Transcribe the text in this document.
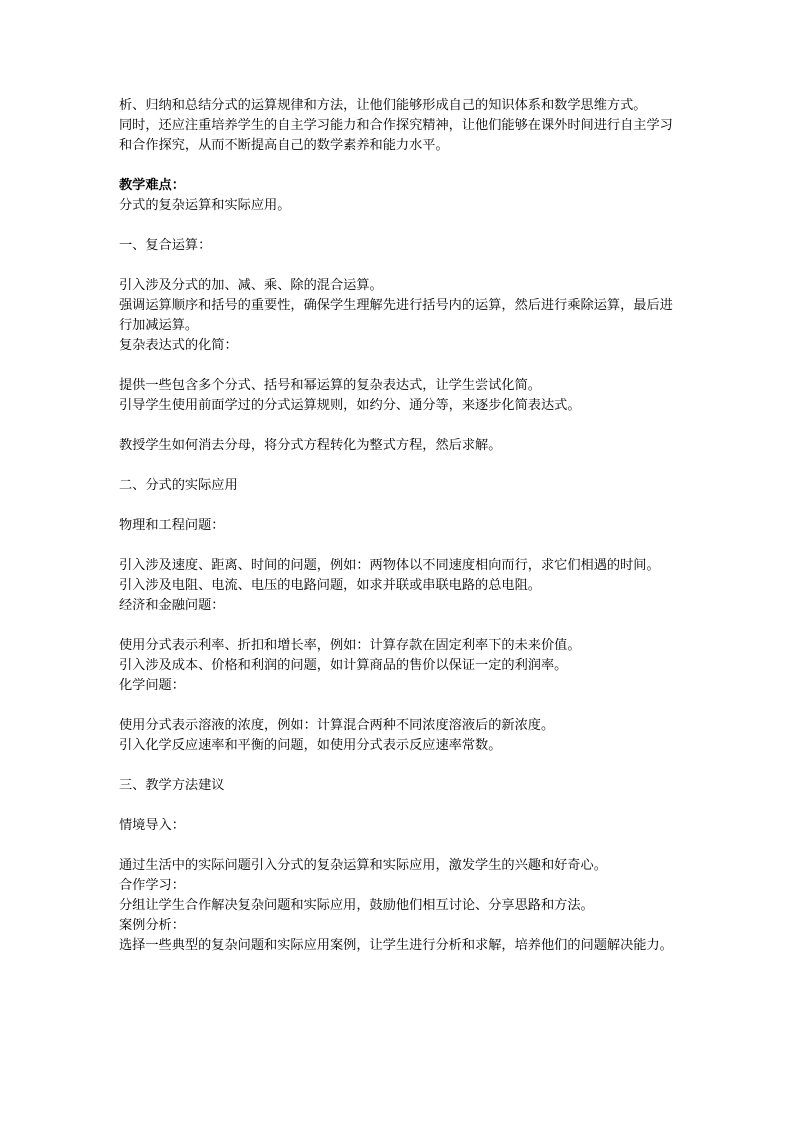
析、归纳和总结分式的运算规律和方法，让他们能够形成自己的知识体系和数学思维方式。
同时，还应注重培养学生的自主学习能力和合作探究精神，让他们能够在课外时间进行自主学习和合作探究，从而不断提高自己的数学素养和能力水平。
教学难点：
分式的复杂运算和实际应用。
一、复合运算：
引入涉及分式的加、减、乘、除的混合运算。
强调运算顺序和括号的重要性，确保学生理解先进行括号内的运算，然后进行乘除运算，最后进行加减运算。
复杂表达式的化简：
提供一些包含多个分式、括号和幂运算的复杂表达式，让学生尝试化简。
引导学生使用前面学过的分式运算规则，如约分、通分等，来逐步化简表达式。
教授学生如何消去分母，将分式方程转化为整式方程，然后求解。
二、分式的实际应用
物理和工程问题：
引入涉及速度、距离、时间的问题，例如：两物体以不同速度相向而行，求它们相遇的时间。
引入涉及电阻、电流、电压的电路问题，如求并联或串联电路的总电阻。
经济和金融问题：
使用分式表示利率、折扣和增长率，例如：计算存款在固定利率下的未来价值。
引入涉及成本、价格和利润的问题，如计算商品的售价以保证一定的利润率。
化学问题：
使用分式表示溶液的浓度，例如：计算混合两种不同浓度溶液后的新浓度。
引入化学反应速率和平衡的问题，如使用分式表示反应速率常数。
三、教学方法建议
情境导入：
通过生活中的实际问题引入分式的复杂运算和实际应用，激发学生的兴趣和好奇心。
合作学习：
分组让学生合作解决复杂问题和实际应用，鼓励他们相互讨论、分享思路和方法。
案例分析：
选择一些典型的复杂问题和实际应用案例，让学生进行分析和求解，培养他们的问题解决能力。
